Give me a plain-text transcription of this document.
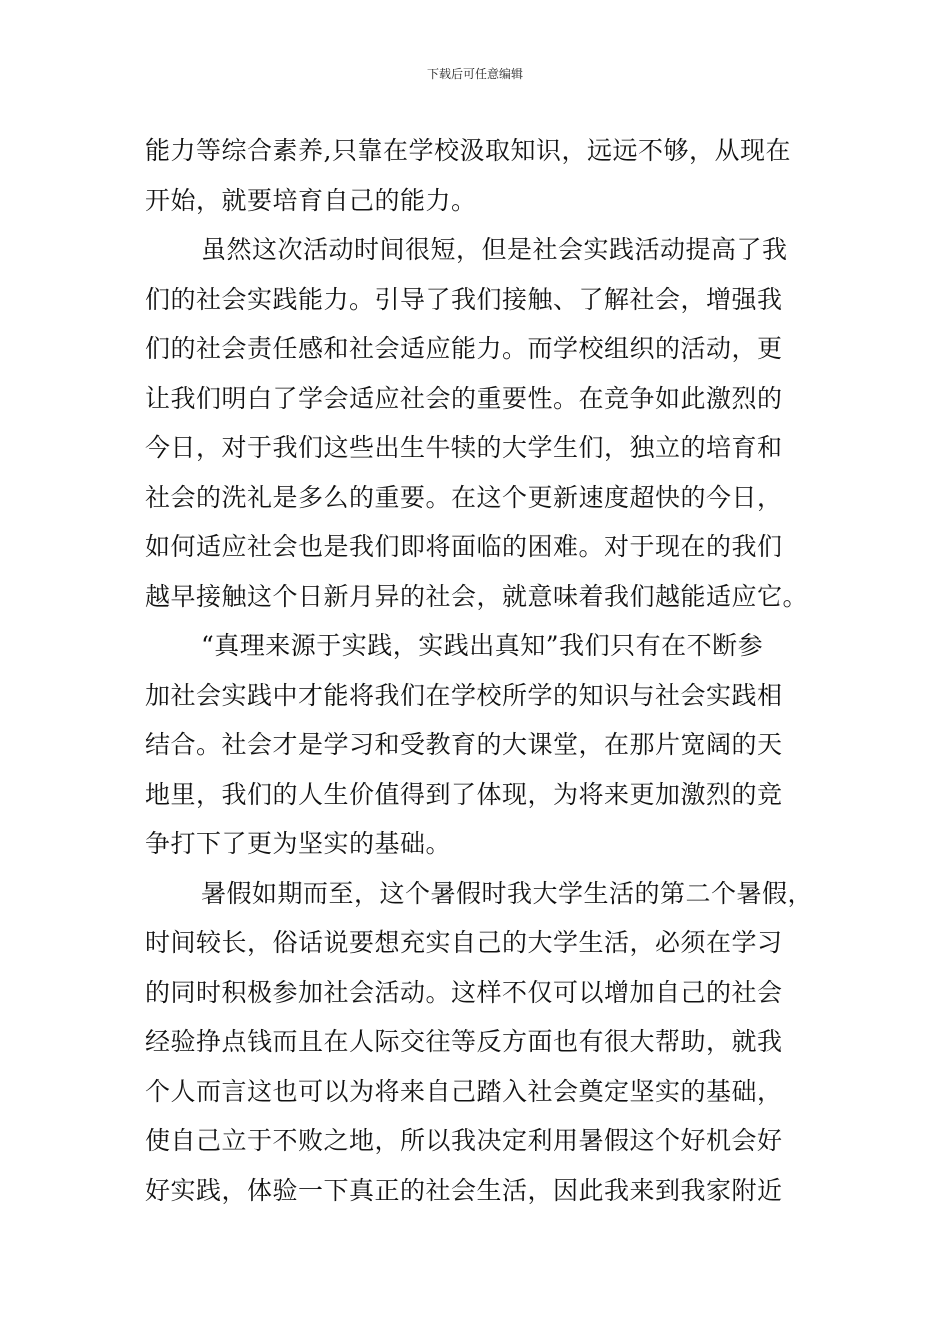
下载后可任意编辑
能力等综合素养,只靠在学校汲取知识，远远不够，从现在
开始，就要培育自己的能力。
虽然这次活动时间很短，但是社会实践活动提高了我
们的社会实践能力。引导了我们接触、了解社会，增强我
们的社会责任感和社会适应能力。而学校组织的活动，更
让我们明白了学会适应社会的重要性。在竞争如此激烈的
今日，对于我们这些出生牛犊的大学生们，独立的培育和
社会的洗礼是多么的重要。在这个更新速度超快的今日，
如何适应社会也是我们即将面临的困难。对于现在的我们
越早接触这个日新月异的社会，就意味着我们越能适应它。
“真理来源于实践，实践出真知”我们只有在不断参
加社会实践中才能将我们在学校所学的知识与社会实践相
结合。社会才是学习和受教育的大课堂，在那片宽阔的天
地里，我们的人生价值得到了体现，为将来更加激烈的竞
争打下了更为坚实的基础。
暑假如期而至，这个暑假时我大学生活的第二个暑假，
时间较长，俗话说要想充实自己的大学生活，必须在学习
的同时积极参加社会活动。这样不仅可以增加自己的社会
经验挣点钱而且在人际交往等反方面也有很大帮助，就我
个人而言这也可以为将来自己踏入社会奠定坚实的基础，
使自己立于不败之地，所以我决定利用暑假这个好机会好
好实践，体验一下真正的社会生活，因此我来到我家附近
